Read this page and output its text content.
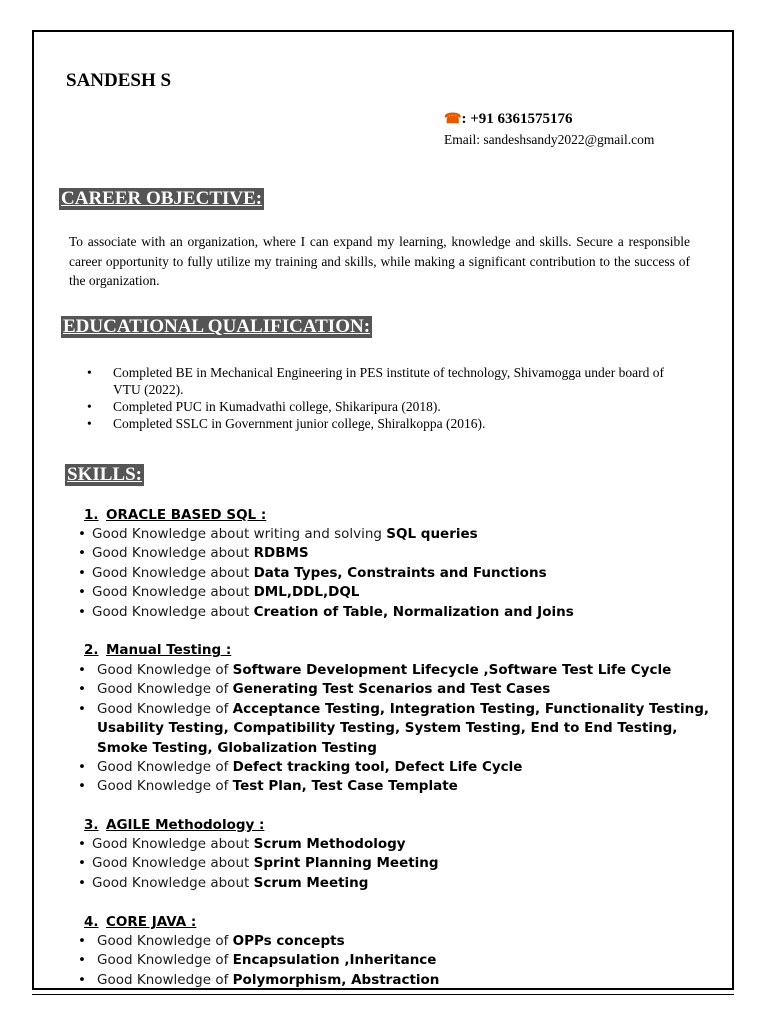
SANDESH S
☎: +91 6361575176
Email: sandeshsandy2022@gmail.com
CAREER OBJECTIVE:

To associate with an organization, where I can expand my learning, knowledge and skills. Secure a responsible career opportunity to fully utilize my training and skills, while making a significant contribution to the success of the organization.

EDUCATIONAL QUALIFICATION:
• Completed BE in Mechanical Engineering in PES institute of technology, Shivamogga under board of VTU (2022).
• Completed PUC in Kumadvathi college, Shikaripura (2018).
• Completed SSLC in Government junior college, Shiralkoppa (2016).
SKILLS:
1. ORACLE BASED SQL :
• Good Knowledge about writing and solving SQL queries
• Good Knowledge about RDBMS
• Good Knowledge about Data Types, Constraints and Functions
• Good Knowledge about DML,DDL,DQL
• Good Knowledge about Creation of Table, Normalization and Joins
2. Manual Testing :
• Good Knowledge of Software Development Lifecycle ,Software Test Life Cycle
• Good Knowledge of Generating Test Scenarios and Test Cases
• Good Knowledge of Acceptance Testing, Integration Testing, Functionality Testing, Usability Testing, Compatibility Testing, System Testing, End to End Testing, Smoke Testing, Globalization Testing
• Good Knowledge of Defect tracking tool, Defect Life Cycle
• Good Knowledge of Test Plan, Test Case Template
3. AGILE Methodology :
• Good Knowledge about Scrum Methodology
• Good Knowledge about Sprint Planning Meeting
• Good Knowledge about Scrum Meeting
4. CORE JAVA :
• Good Knowledge of OPPs concepts
• Good Knowledge of Encapsulation ,Inheritance
• Good Knowledge of Polymorphism, Abstraction
